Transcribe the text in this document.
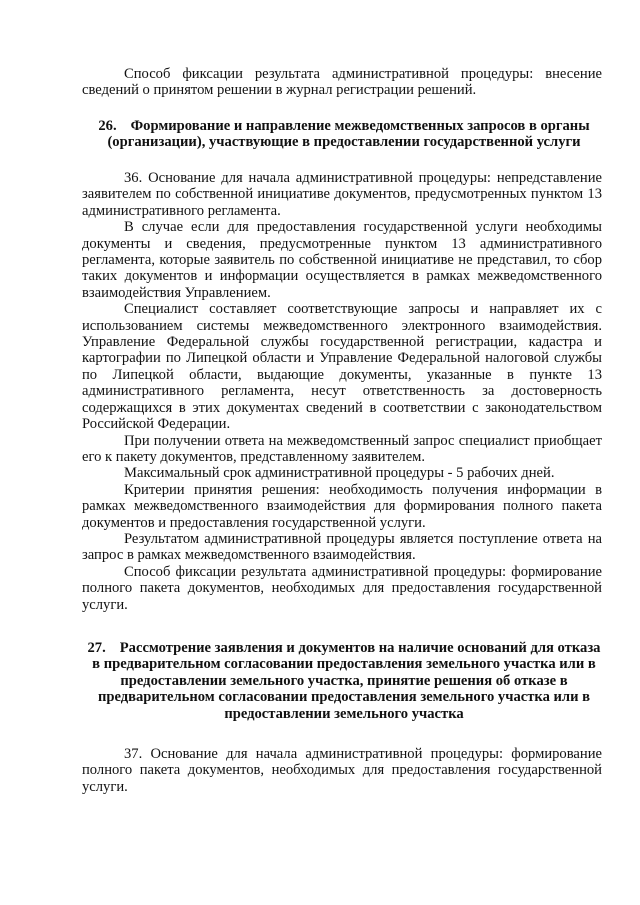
Способ фиксации результата административной процедуры: внесение сведений о принятом решении в журнал регистрации решений.

26. Формирование и направление межведомственных запросов в органы (организации), участвующие в предоставлении государственной услуги

36. Основание для начала административной процедуры: непредставление заявителем по собственной инициативе документов, предусмотренных пунктом 13 административного регламента.

В случае если для предоставления государственной услуги необходимы документы и сведения, предусмотренные пунктом 13 административного регламента, которые заявитель по собственной инициативе не представил, то сбор таких документов и информации осуществляется в рамках межведомственного взаимодействия Управлением.

Специалист составляет соответствующие запросы и направляет их с использованием системы межведомственного электронного взаимодействия. Управление Федеральной службы государственной регистрации, кадастра и картографии по Липецкой области и Управление Федеральной налоговой службы по Липецкой области, выдающие документы, указанные в пункте 13 административного регламента, несут ответственность за достоверность содержащихся в этих документах сведений в соответствии с законодательством Российской Федерации.

При получении ответа на межведомственный запрос специалист приобщает его к пакету документов, представленному заявителем.

Максимальный срок административной процедуры - 5 рабочих дней.

Критерии принятия решения: необходимость получения информации в рамках межведомственного взаимодействия для формирования полного пакета документов и предоставления государственной услуги.

Результатом административной процедуры является поступление ответа на запрос в рамках межведомственного взаимодействия.

Способ фиксации результата административной процедуры: формирование полного пакета документов, необходимых для предоставления государственной услуги.

27. Рассмотрение заявления и документов на наличие оснований для отказа в предварительном согласовании предоставления земельного участка или в предоставлении земельного участка, принятие решения об отказе в предварительном согласовании предоставления земельного участка или в предоставлении земельного участка

37. Основание для начала административной процедуры: формирование полного пакета документов, необходимых для предоставления государственной услуги.
